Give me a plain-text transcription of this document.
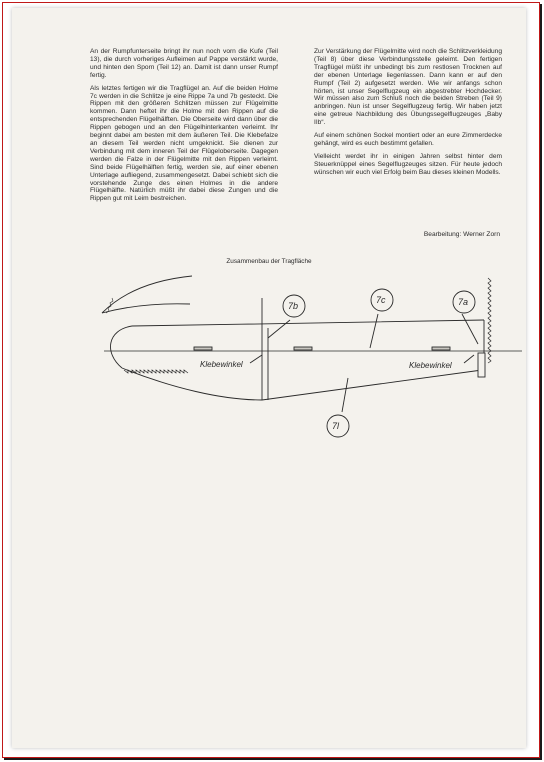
An der Rumpfunterseite bringt ihr nun noch vorn die Kufe (Teil 13), die durch vorheriges Aufleimen auf Pappe verstärkt wurde, und hinten den Sporn (Teil 12) an. Damit ist dann unser Rumpf fertig.

Als letztes fertigen wir die Tragflügel an. Auf die beiden Holme 7c werden in die Schlitze je eine Rippe 7a und 7b gesteckt. Die Rippen mit den größeren Schlitzen müssen zur Flügelmitte kommen. Dann heftet ihr die Holme mit den Rippen auf die entsprechenden Flügelhälften. Die Oberseite wird dann über die Rippen gebogen und an den Flügelhinterkanten verleimt. Ihr beginnt dabei am besten mit dem äußeren Teil. Die Klebefalze an diesem Teil werden nicht umgeknickt. Sie dienen zur Verbindung mit dem inneren Teil der Flügeloberseite. Dagegen werden die Falze in der Flügelmitte mit den Rippen verleimt. Sind beide Flügelhälften fertig, werden sie, auf einer ebenen Unterlage aufliegend, zusammengesetzt. Dabei schiebt sich die vorstehende Zunge des einen Holmes in die andere Flügelhälfte. Natürlich müßt ihr dabei diese Zungen und die Rippen gut mit Leim bestreichen.

Zur Verstärkung der Flügelmitte wird noch die Schlitzverkleidung (Teil 8) über diese Verbindungsstelle geleimt. Den fertigen Tragflügel müßt ihr unbedingt bis zum restlosen Trocknen auf der ebenen Unterlage liegenlassen. Dann kann er auf den Rumpf (Teil 2) aufgesetzt werden. Wie wir anfangs schon hörten, ist unser Segelflugzeug ein abgestrebter Hochdecker. Wir müssen also zum Schluß noch die beiden Streben (Teil 9) anbringen. Nun ist unser Segelflugzeug fertig. Wir haben jetzt eine getreue Nachbildung des Übungssegelflugzeuges „Baby IIb“.

Auf einem schönen Sockel montiert oder an eure Zimmerdecke gehängt, wird es euch bestimmt gefallen.

Vielleicht werdet ihr in einigen Jahren selbst hinter dem Steuerknüppel eines Segelflugzeuges sitzen. Für heute jedoch wünschen wir euch viel Erfolg beim Bau dieses kleinen Modells.

Bearbeitung: Werner Zorn
Zusammenbau der Tragfläche
7b
7c	7a
7l
Klebewinkel	Klebewinkel
